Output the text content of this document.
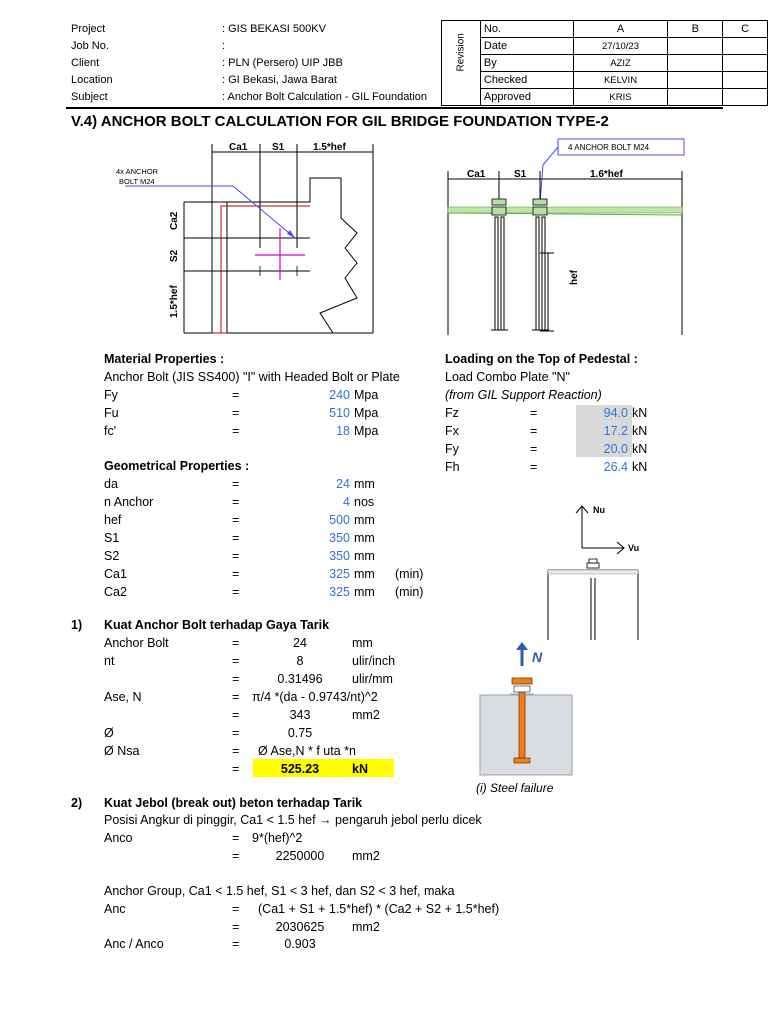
Project	: GIS BEKASI 500KV
Job No.	:
Client	: PLN (Persero) UIP JBB
Location	: GI Bekasi, Jawa Barat
Subject	: Anchor Bolt Calculation - GIL Foundation
Revision	No.	A	B	C
	Date	27/10/23		
	By	AZIZ		
	Checked	KELVIN		
	Approved	KRIS		
V.4) ANCHOR BOLT CALCULATION FOR GIL BRIDGE FOUNDATION TYPE-2
Ca1 S1	1.5*hef
Ca2
S2
1.5*hef
4x ANCHOR
BOLT M24
4 ANCHOR BOLT M24
Ca1	S1	1.6*hef
hef
Material Properties :
Anchor Bolt (JIS SS400) "I" with Headed Bolt or Plate
Fy	=	240 Mpa
Fu	=	510 Mpa
fc'	=	18 Mpa
Loading on the Top of Pedestal :
Load Combo Plate "N"
(from GIL Support Reaction)
Fz	=	94.0 kN
Fx	=	17.2 kN
Fy	=	20.0 kN
Fh	=	26.4 kN
Geometrical Properties :
da	=	24 mm
n Anchor	=	4 nos
hef	=	500 mm
S1	=	350 mm
S2	=	350 mm
Ca1	=	325 mm (min)
Ca2	=	325 mm (min)
Nu
Vu
N
(i) Steel failure
1) Kuat Anchor Bolt terhadap Gaya Tarik
Anchor Bolt	=	24	mm
nt	=	8	ulir/inch
=	0.31496	ulir/mm
Ase, N	= π/4 *(da - 0.9743/nt)^2
=	343	mm2
Ø	=	0.75
Ø Nsa	= Ø Ase,N * f uta *n
=	525.23	kN
2) Kuat Jebol (break out) beton terhadap Tarik
Posisi Angkur di pinggir, Ca1 < 1.5 hef → pengaruh jebol perlu dicek
Anco	= 9*(hef)^2
=	2250000	mm2
Anchor Group, Ca1 < 1.5 hef, S1 < 3 hef, dan S2 < 3 hef, maka
Anc	= (Ca1 + S1 + 1.5*hef) * (Ca2 + S2 + 1.5*hef)
=	2030625	mm2
Anc / Anco	=	0.903
